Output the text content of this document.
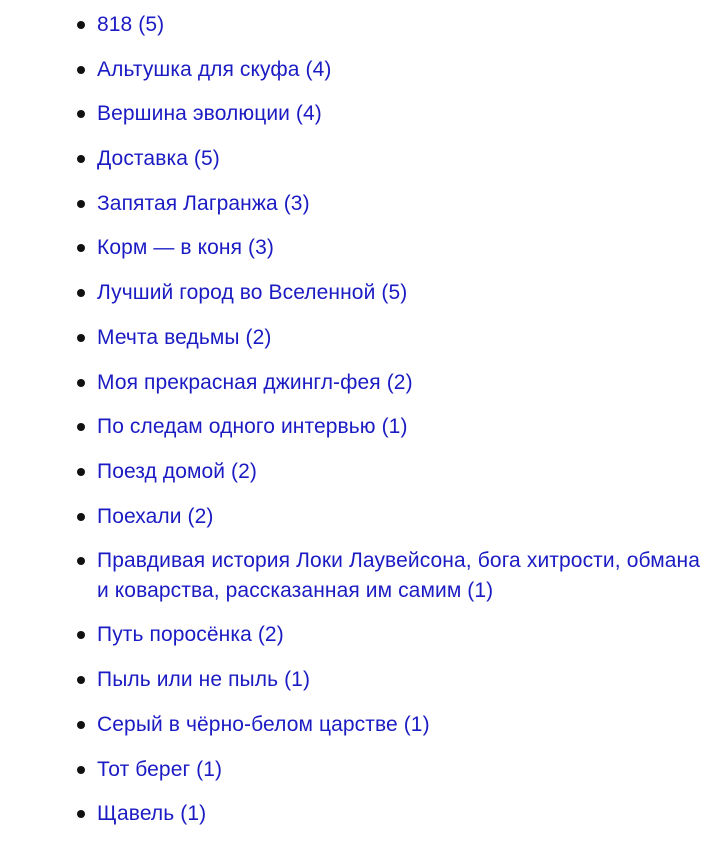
818 (5)
Альтушка для скуфа (4)
Вершина эволюции (4)
Доставка (5)
Запятая Лагранжа (3)
Корм — в коня (3)
Лучший город во Вселенной (5)
Мечта ведьмы (2)
Моя прекрасная джингл-фея (2)
По следам одного интервью (1)
Поезд домой (2)
Поехали (2)
Правдивая история Локи Лаувейсона, бога хитрости, обмана и коварства, рассказанная им самим (1)
Путь поросёнка (2)
Пыль или не пыль (1)
Серый в чёрно-белом царстве (1)
Тот берег (1)
Щавель (1)
